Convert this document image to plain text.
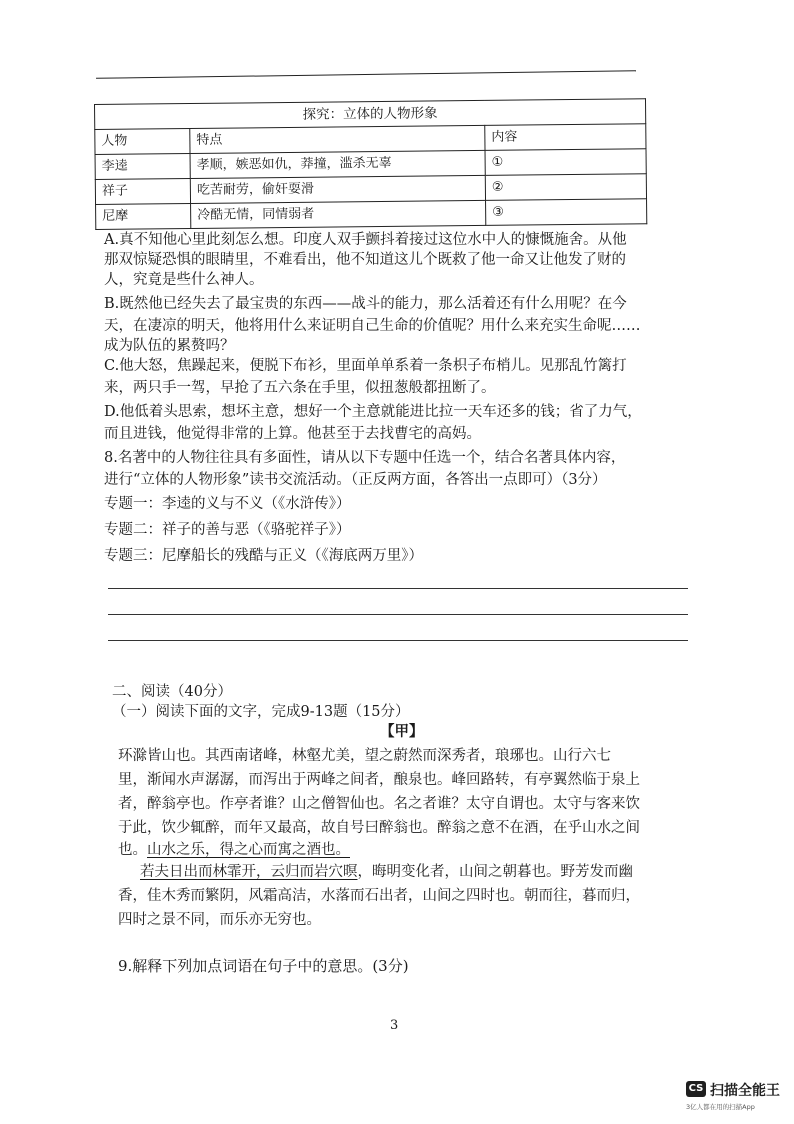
探究：立体的人物形象		
人物	特点	内容
李逵	孝顺，嫉恶如仇，莽撞，滥杀无辜	①
祥子	吃苦耐劳，偷奸耍滑	②
尼摩	冷酷无情，同情弱者	③
A.真不知他心里此刻怎么想。印度人双手颤抖着接过这位水中人的慷慨施舍。从他
那双惊疑恐惧的眼睛里，不难看出，他不知道这儿个既救了他一命又让他发了财的
人，究竟是些什么神人。
B.既然他已经失去了最宝贵的东西——战斗的能力，那么活着还有什么用呢？在今
天，在凄凉的明天，他将用什么来证明自己生命的价值呢？用什么来充实生命呢……
成为队伍的累赘吗？
C.他大怒，焦躁起来，便脱下布衫，里面单单系着一条枳子布梢儿。见那乱竹篱打
来，两只手一驾，早抢了五六条在手里，似扭葱般都扭断了。
D.他低着头思索，想坏主意，想好一个主意就能进比拉一天车还多的钱；省了力气，
而且进钱，他觉得非常的上算。他甚至于去找曹宅的高妈。
8.名著中的人物往往具有多面性，请从以下专题中任选一个，结合名著具体内容，
进行“立体的人物形象”读书交流活动。（正反两方面，各答出一点即可）（3分）
专题一：李逵的义与不义（《水浒传》）
专题二：祥子的善与恶（《骆驼祥子》）
专题三：尼摩船长的残酷与正义（《海底两万里》）
二、阅读（40分）
（一）阅读下面的文字，完成9-13题（15分）
【甲】
环滁皆山也。其西南诸峰，林壑尤美，望之蔚然而深秀者，琅琊也。山行六七
里，渐闻水声潺潺，而泻出于两峰之间者，酿泉也。峰回路转，有亭翼然临于泉上
者，醉翁亭也。作亭者谁？山之僧智仙也。名之者谁？太守自谓也。太守与客来饮
于此，饮少辄醉，而年又最高，故自号曰醉翁也。醉翁之意不在酒，在乎山水之间
也。山水之乐，得之心而寓之酒也。
若夫日出而林霏开，云归而岩穴暝，晦明变化者，山间之朝暮也。野芳发而幽
香，佳木秀而繁阴，风霜高洁，水落而石出者，山间之四时也。朝而往，暮而归，
四时之景不同，而乐亦无穷也。
9.解释下列加点词语在句子中的意思。(3分)
3
CS 扫描全能王
3亿人都在用的扫描App
